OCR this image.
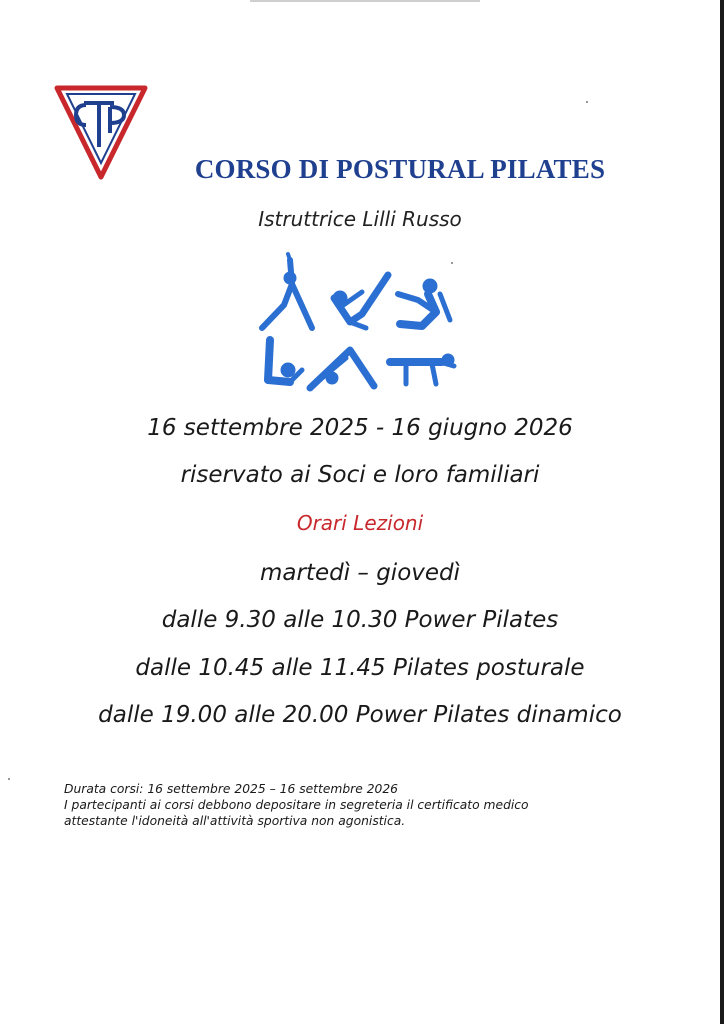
CORSO DI POSTURAL PILATES
Istruttrice Lilli Russo
16 settembre 2025 - 16 giugno 2026
riservato ai Soci e loro familiari
Orari Lezioni
martedì – giovedì
dalle 9.30 alle 10.30 Power Pilates
dalle 10.45 alle 11.45 Pilates posturale
dalle 19.00 alle 20.00 Power Pilates dinamico
Durata corsi: 16 settembre 2025 – 16 settembre 2026
I partecipanti ai corsi debbono depositare in segreteria il certificato medico
attestante l'idoneità all'attività sportiva non agonistica.
